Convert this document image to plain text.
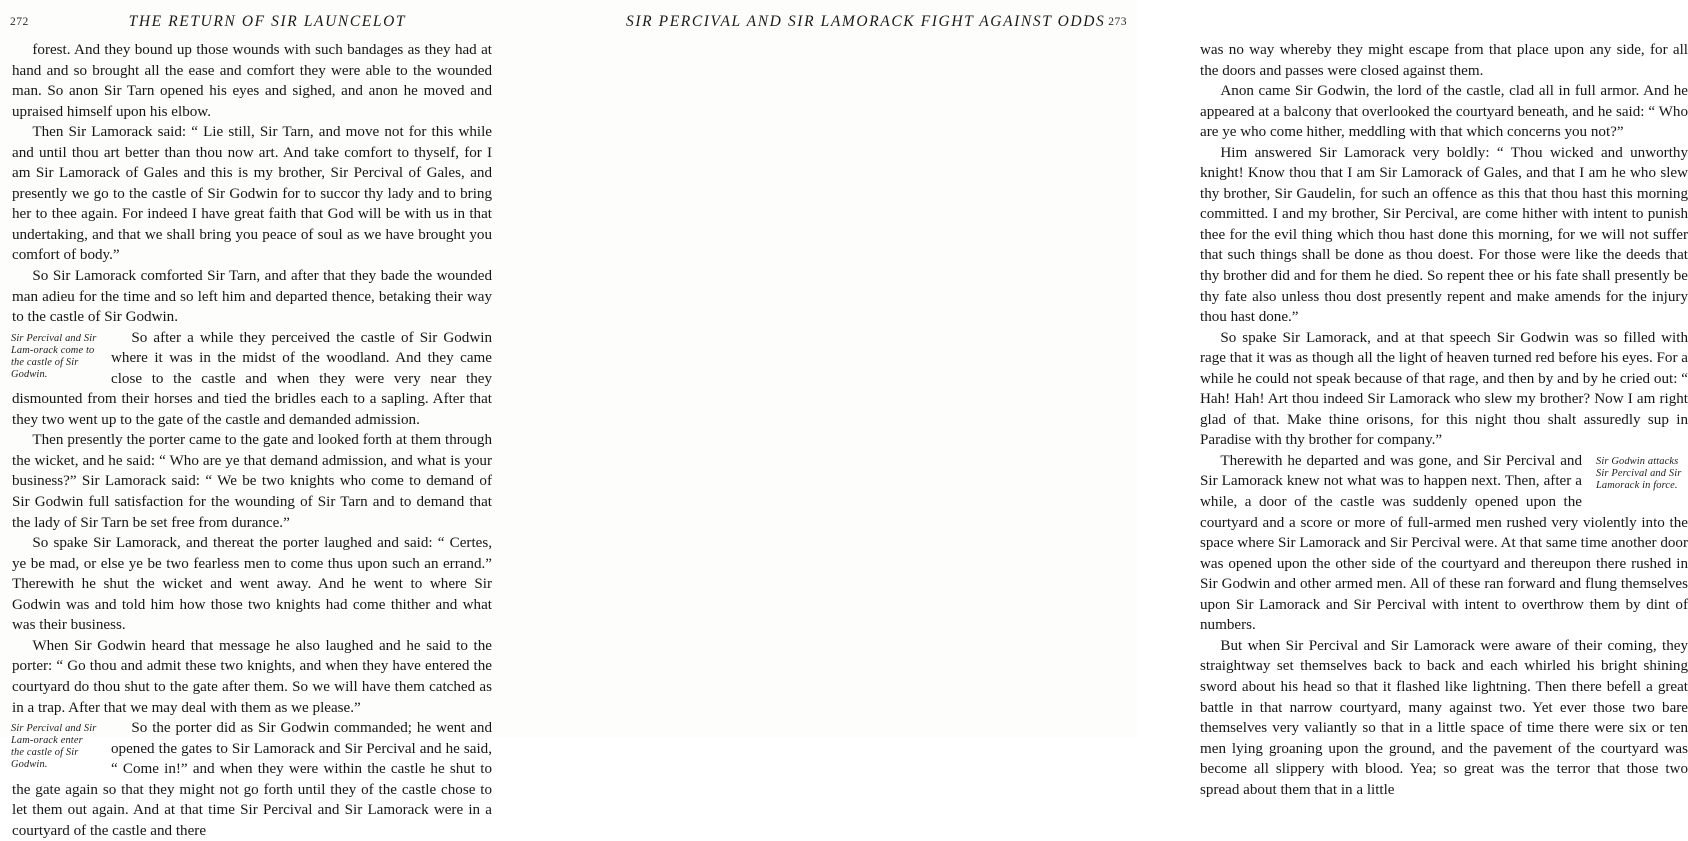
272	THE RETURN OF SIR LAUNCELOT

forest. And they bound up those wounds with such bandages as they had at hand and so brought all the ease and comfort they were able to the wounded man. So anon Sir Tarn opened his eyes and sighed, and anon he moved and upraised himself upon his elbow.

Then Sir Lamorack said: “ Lie still, Sir Tarn, and move not for this while and until thou art better than thou now art. And take comfort to thyself, for I am Sir Lamorack of Gales and this is my brother, Sir Percival of Gales, and presently we go to the castle of Sir Godwin for to succor thy lady and to bring her to thee again. For indeed I have great faith that God will be with us in that undertaking, and that we shall bring you peace of soul as we have brought you comfort of body.”

So Sir Lamorack comforted Sir Tarn, and after that they bade the wounded man adieu for the time and so left him and departed thence, betaking their way to the castle of Sir Godwin.

Sir Percival and Sir Lam-orack come to the castle of Sir Godwin.
So after a while they perceived the castle of Sir Godwin where it was in the midst of the woodland. And they came close to the castle and when they were very near they dismounted from their horses and tied the bridles each to a sapling. After that they two went up to the gate of the castle and demanded admission.

Then presently the porter came to the gate and looked forth at them through the wicket, and he said: “ Who are ye that demand admission, and what is your business?” Sir Lamorack said: “ We be two knights who come to demand of Sir Godwin full satisfaction for the wounding of Sir Tarn and to demand that the lady of Sir Tarn be set free from durance.”

So spake Sir Lamorack, and thereat the porter laughed and said: “ Certes, ye be mad, or else ye be two fearless men to come thus upon such an errand.” Therewith he shut the wicket and went away. And he went to where Sir Godwin was and told him how those two knights had come thither and what was their business.

When Sir Godwin heard that message he also laughed and he said to the porter: “ Go thou and admit these two knights, and when they have entered the courtyard do thou shut to the gate after them. So we will have them catched as in a trap. After that we may deal with them as we please.”

Sir Percival and Sir Lam-orack enter the castle of Sir Godwin.
So the porter did as Sir Godwin commanded; he went and opened the gates to Sir Lamorack and Sir Percival and he said, “ Come in!” and when they were within the castle he shut to the gate again so that they might not go forth until they of the castle chose to let them out again. And at that time Sir Percival and Sir Lamorack were in a courtyard of the castle and there

273
SIR PERCIVAL AND SIR LAMORACK FIGHT AGAINST ODDS

was no way whereby they might escape from that place upon any side, for all the doors and passes were closed against them.

Anon came Sir Godwin, the lord of the castle, clad all in full armor. And he appeared at a balcony that overlooked the courtyard beneath, and he said: “ Who are ye who come hither, meddling with that which concerns you not?”

Him answered Sir Lamorack very boldly: “ Thou wicked and unworthy knight! Know thou that I am Sir Lamorack of Gales, and that I am he who slew thy brother, Sir Gaudelin, for such an offence as this that thou hast this morning committed. I and my brother, Sir Percival, are come hither with intent to punish thee for the evil thing which thou hast done this morning, for we will not suffer that such things shall be done as thou doest. For those were like the deeds that thy brother did and for them he died. So repent thee or his fate shall presently be thy fate also unless thou dost presently repent and make amends for the injury thou hast done.”

So spake Sir Lamorack, and at that speech Sir Godwin was so filled with rage that it was as though all the light of heaven turned red before his eyes. For a while he could not speak because of that rage, and then by and by he cried out: “ Hah! Hah! Art thou indeed Sir Lamorack who slew my brother? Now I am right glad of that. Make thine orisons, for this night thou shalt assuredly sup in Paradise with thy brother for company.”

Sir Godwin attacks Sir Percival and Sir Lamorack in force.
Therewith he departed and was gone, and Sir Percival and Sir Lamorack knew not what was to happen next. Then, after a while, a door of the castle was suddenly opened upon the courtyard and a score or more of full-armed men rushed very violently into the space where Sir Lamorack and Sir Percival were. At that same time another door was opened upon the other side of the courtyard and thereupon there rushed in Sir Godwin and other armed men. All of these ran forward and flung themselves upon Sir Lamorack and Sir Percival with intent to overthrow them by dint of numbers.

But when Sir Percival and Sir Lamorack were aware of their coming, they straightway set themselves back to back and each whirled his bright shining sword about his head so that it flashed like lightning. Then there befell a great battle in that narrow courtyard, many against two. Yet ever those two bare themselves very valiantly so that in a little space of time there were six or ten men lying groaning upon the ground, and the pavement of the courtyard was become all slippery with blood. Yea; so great was the terror that those two spread about them that in a little
